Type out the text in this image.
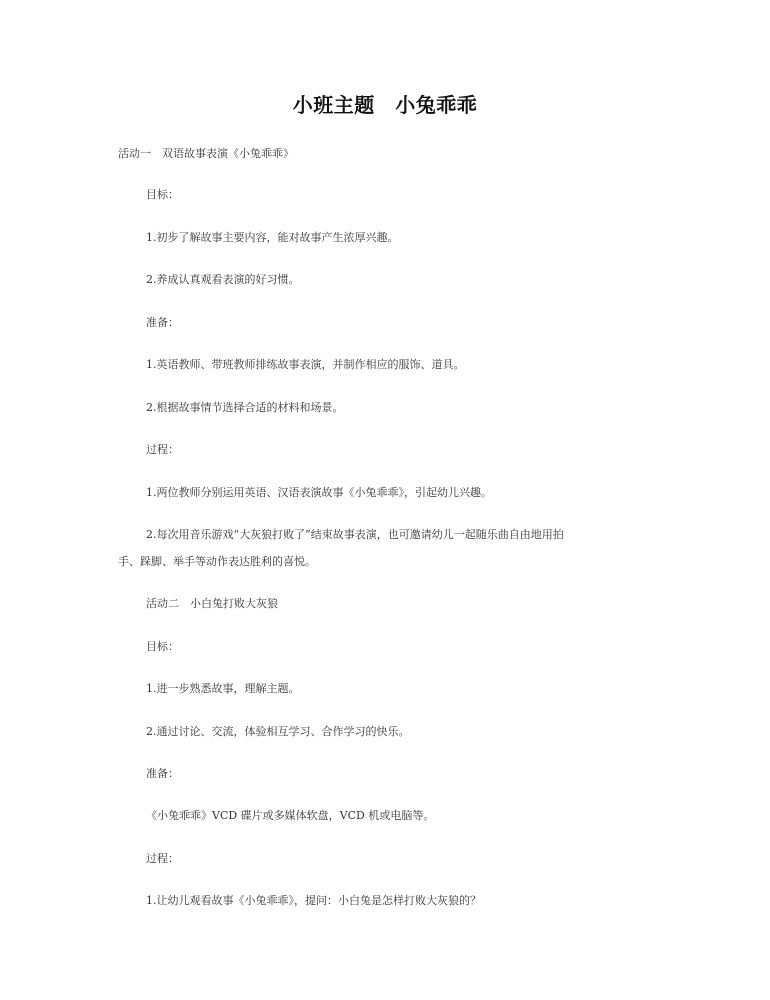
小班主题　小兔乖乖
活动一　双语故事表演《小兔乖乖》
目标：
1.初步了解故事主要内容，能对故事产生浓厚兴趣。
2.养成认真观看表演的好习惯。
准备：
1.英语教师、带班教师排练故事表演，并制作相应的服饰、道具。
2.根据故事情节选择合适的材料和场景。
过程：
1.两位教师分别运用英语、汉语表演故事《小兔乖乖》，引起幼儿兴趣。
2.每次用音乐游戏“大灰狼打败了”结束故事表演，也可邀请幼儿一起随乐曲自由地用拍
手、跺脚、举手等动作表达胜利的喜悦。
活动二　小白兔打败大灰狼
目标：
1.进一步熟悉故事，理解主题。
2.通过讨论、交流，体验相互学习、合作学习的快乐。
准备：
《小兔乖乖》VCD 碟片或多媒体软盘，VCD 机或电脑等。
过程：
1.让幼儿观看故事《小兔乖乖》，提问：小白兔是怎样打败大灰狼的？
